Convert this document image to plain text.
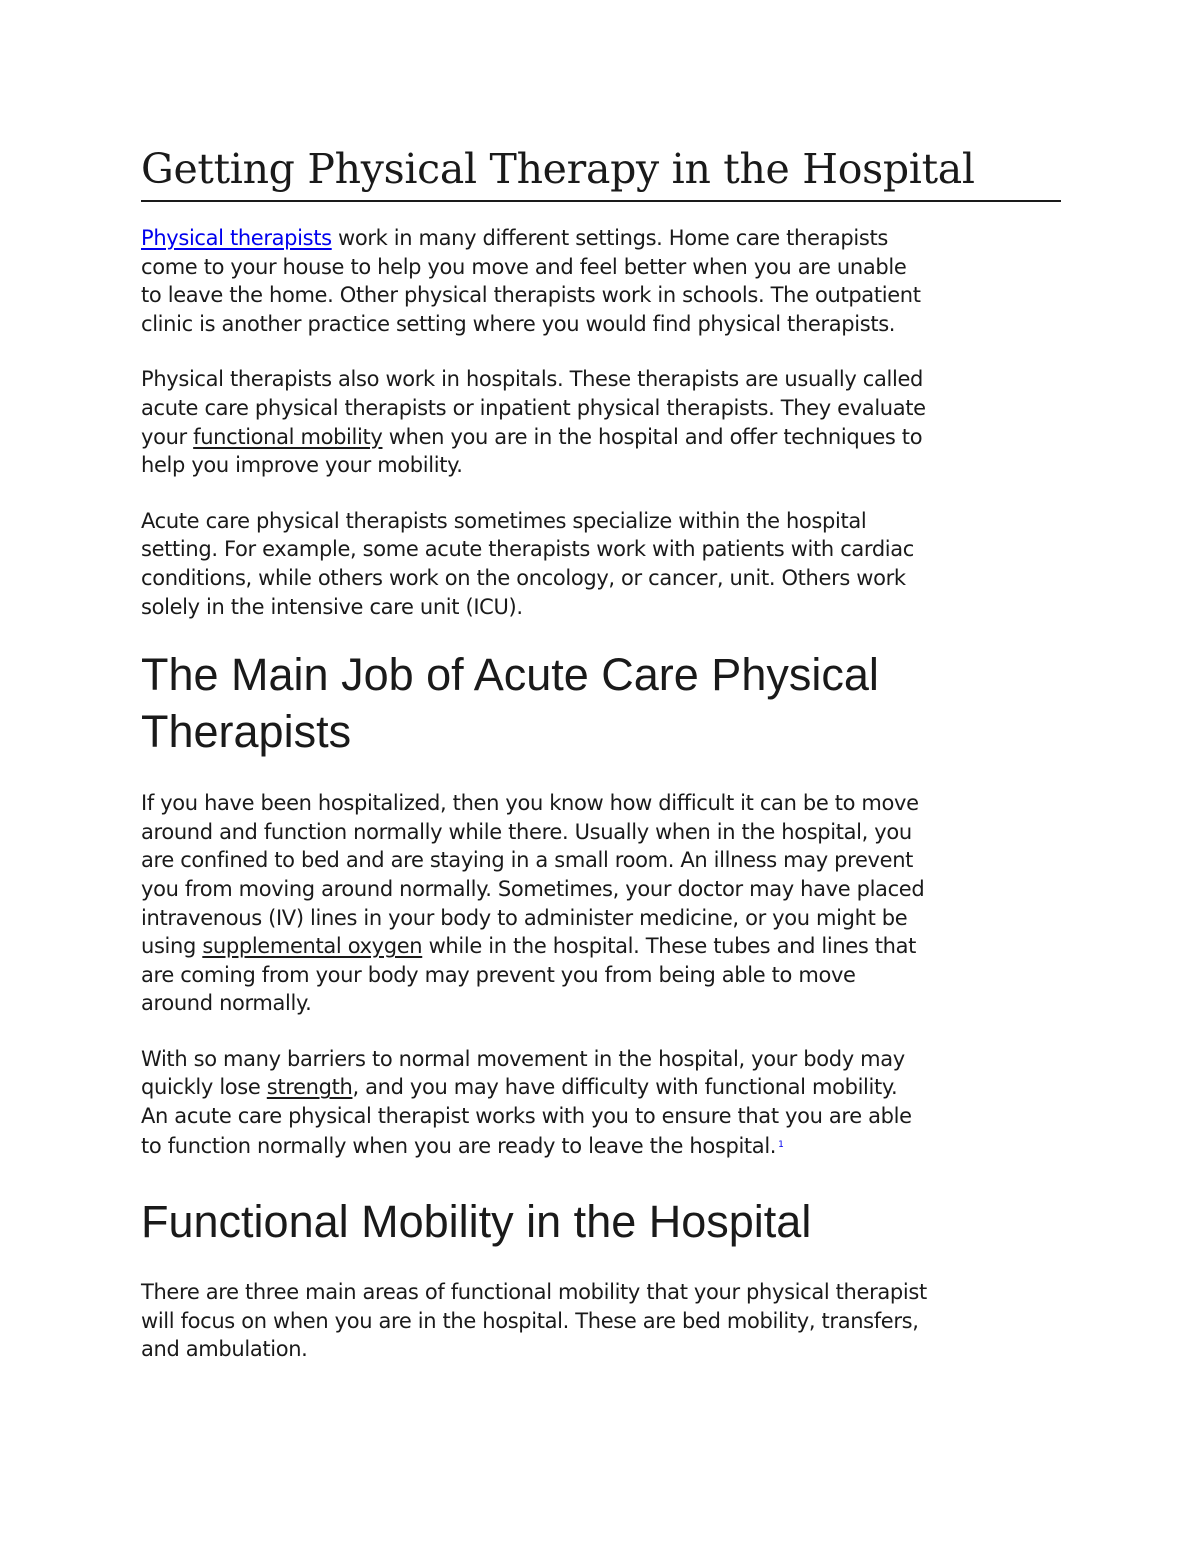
Getting Physical Therapy in the Hospital

Physical therapists work in many different settings. Home care therapists
come to your house to help you move and feel better when you are unable
to leave the home. Other physical therapists work in schools. The outpatient
clinic is another practice setting where you would find physical therapists.

Physical therapists also work in hospitals. These therapists are usually called
acute care physical therapists or inpatient physical therapists. They evaluate
your functional mobility when you are in the hospital and offer techniques to
help you improve your mobility.

Acute care physical therapists sometimes specialize within the hospital
setting. For example, some acute therapists work with patients with cardiac
conditions, while others work on the oncology, or cancer, unit. Others work
solely in the intensive care unit (ICU).

The Main Job of Acute Care Physical
Therapists

If you have been hospitalized, then you know how difficult it can be to move
around and function normally while there. Usually when in the hospital, you
are confined to bed and are staying in a small room. An illness may prevent
you from moving around normally. Sometimes, your doctor may have placed
intravenous (IV) lines in your body to administer medicine, or you might be
using supplemental oxygen while in the hospital. These tubes and lines that
are coming from your body may prevent you from being able to move
around normally.

With so many barriers to normal movement in the hospital, your body may
quickly lose strength, and you may have difficulty with functional mobility.
An acute care physical therapist works with you to ensure that you are able
to function normally when you are ready to leave the hospital. $^1$

Functional Mobility in the Hospital

There are three main areas of functional mobility that your physical therapist
will focus on when you are in the hospital. These are bed mobility, transfers,
and ambulation.
